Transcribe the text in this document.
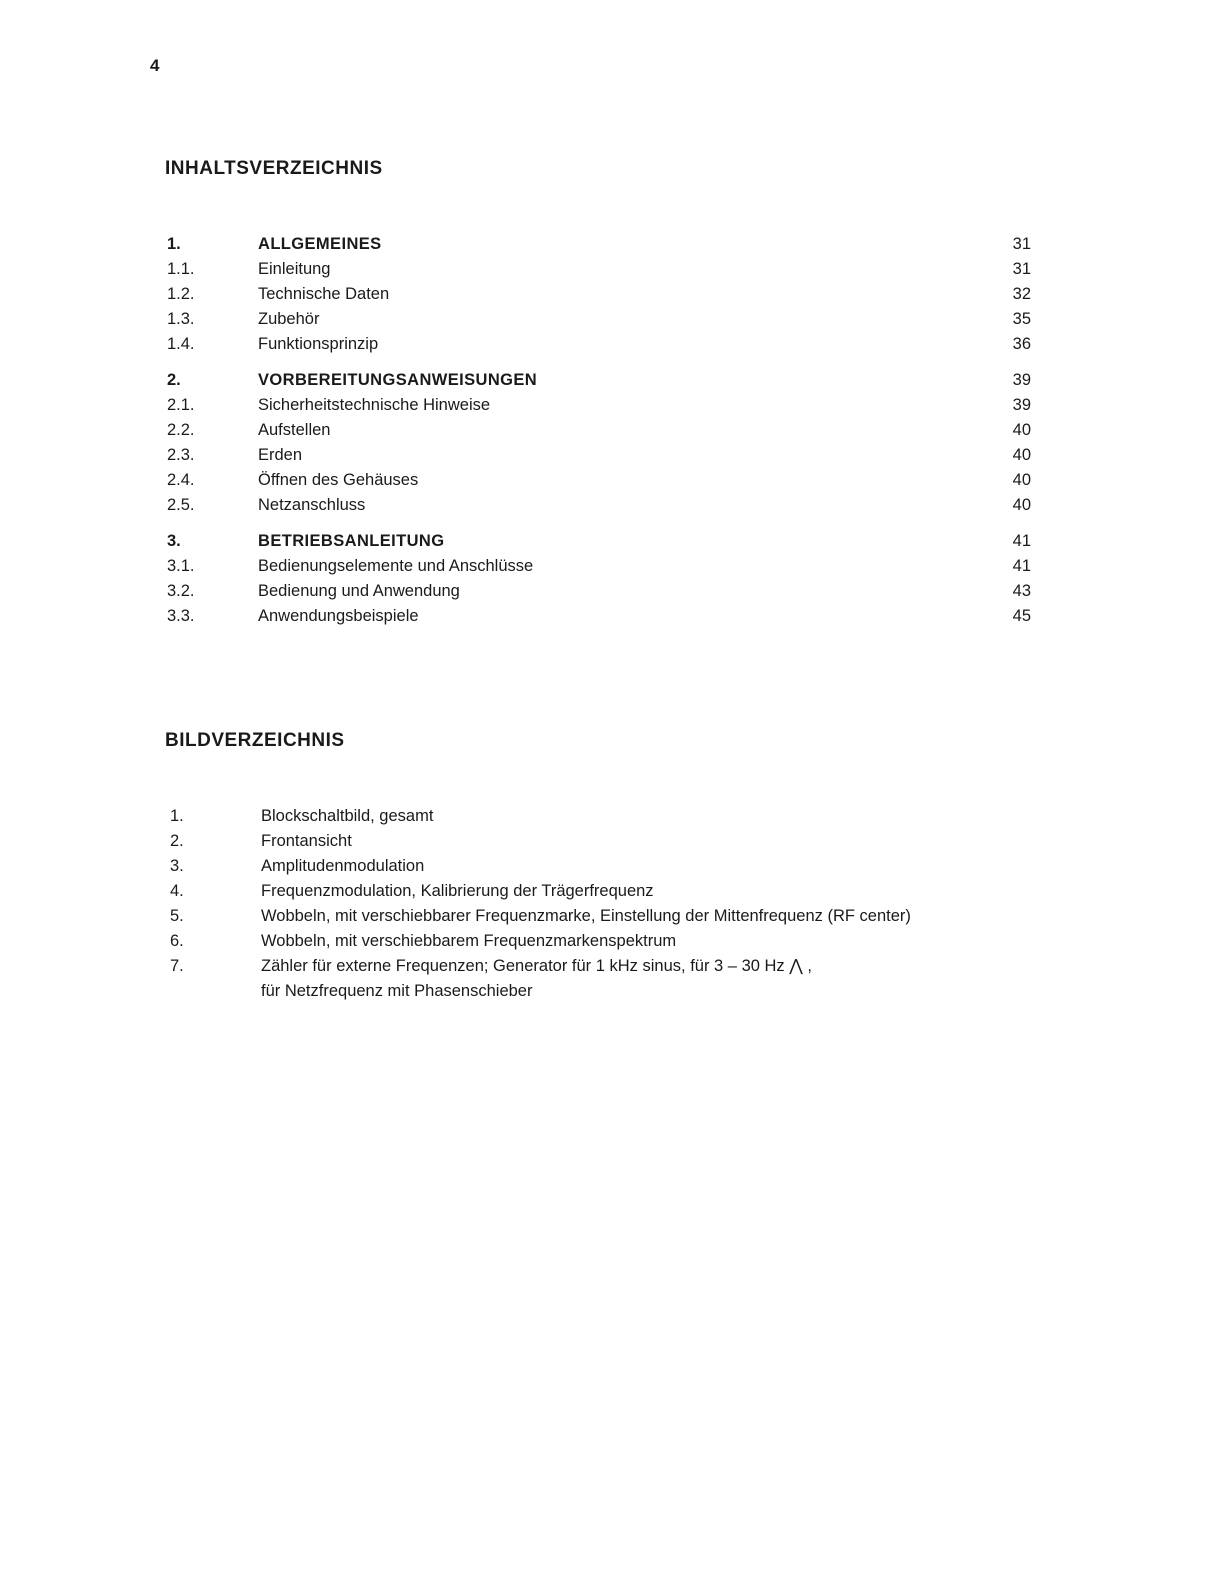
4
INHALTSVERZEICHNIS
1.	ALLGEMEINES	31
1.1.	Einleitung	31
1.2.	Technische Daten	32
1.3.	Zubehör	35
1.4.	Funktionsprinzip	36
2.	VORBEREITUNGSANWEISUNGEN	39
2.1.	Sicherheitstechnische Hinweise	39
2.2.	Aufstellen	40
2.3.	Erden	40
2.4.	Öffnen des Gehäuses	40
2.5.	Netzanschluss	40
3.	BETRIEBSANLEITUNG	41
3.1.	Bedienungselemente und Anschlüsse	41
3.2.	Bedienung und Anwendung	43
3.3.	Anwendungsbeispiele	45
BILDVERZEICHNIS
1.	Blockschaltbild, gesamt
2.	Frontansicht
3.	Amplitudenmodulation
4.	Frequenzmodulation, Kalibrierung der Trägerfrequenz
5.	Wobbeln, mit verschiebbarer Frequenzmarke, Einstellung der Mittenfrequenz (RF center)
6.	Wobbeln, mit verschiebbarem Frequenzmarkenspektrum
7.	Zähler für externe Frequenzen; Generator für 1 kHz sinus, für 3 – 30 Hz ⋀ ,
für Netzfrequenz mit Phasenschieber
